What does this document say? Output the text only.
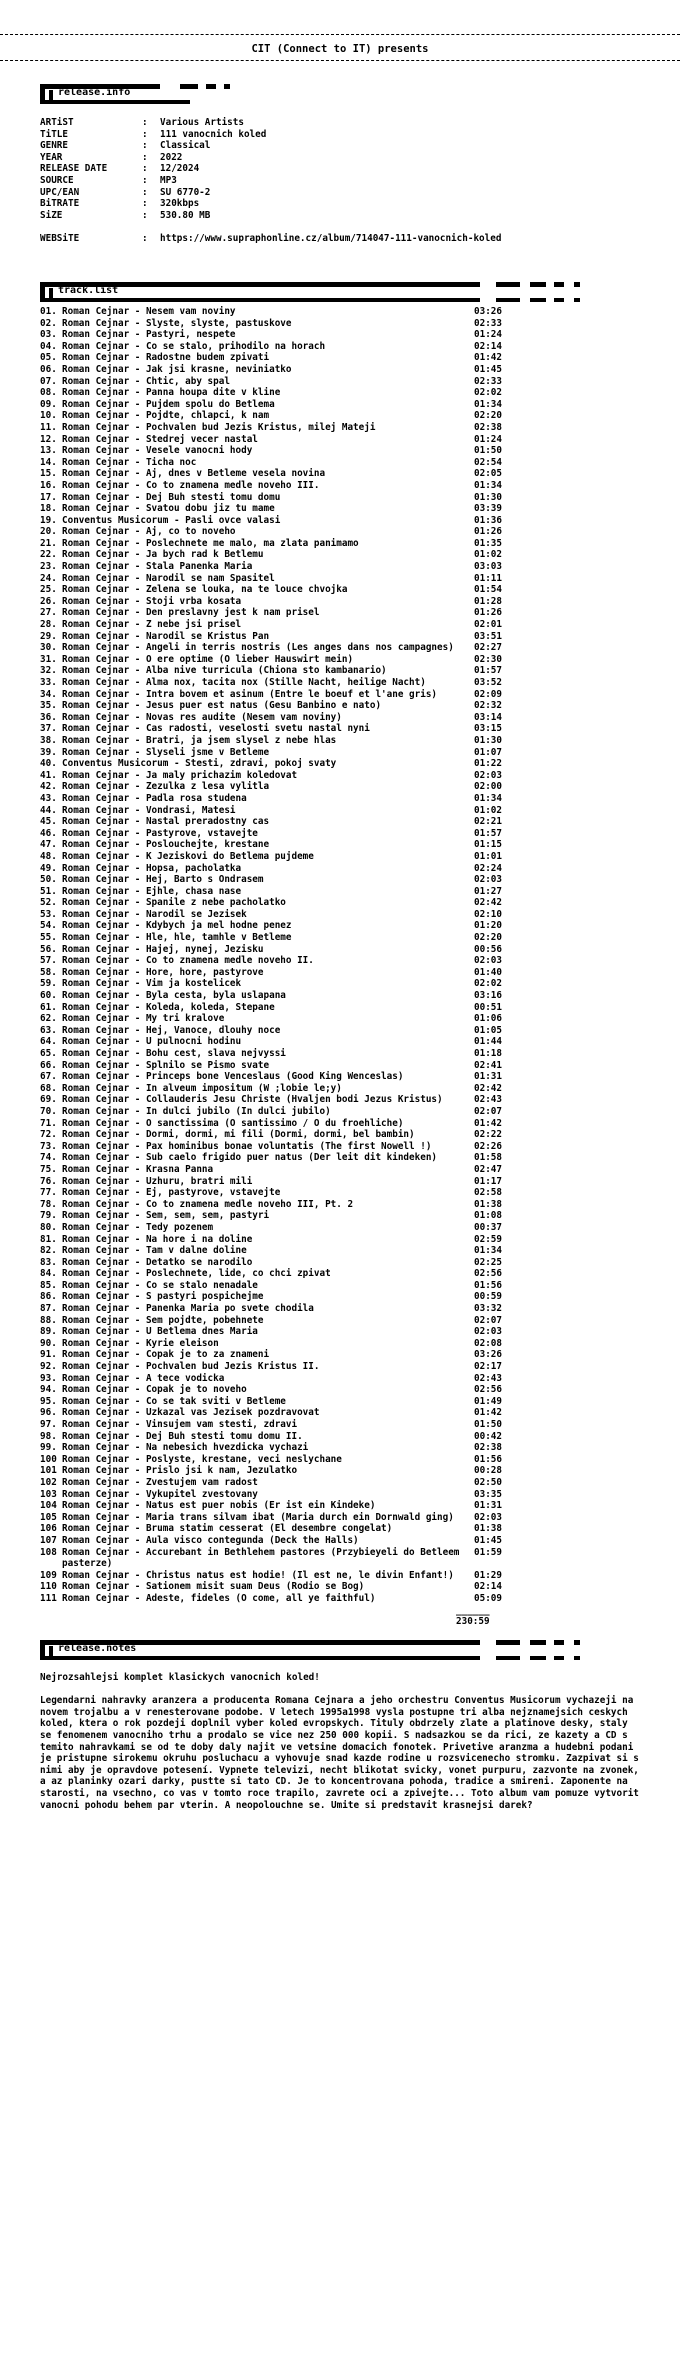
CIT (Connect to IT) presents
release.info
ARTiST	:	Various Artists
TiTLE	:	111 vanocnich koled
GENRE	:	Classical
YEAR	:	2022
RELEASE DATE	:	12/2024
SOURCE	:	MP3
UPC/EAN	:	SU 6770-2
BiTRATE	:	320kbps
SiZE	:	530.80 MB
WEBSiTE	:	https://www.supraphonline.cz/album/714047-111-vanocnich-koled
track.list
01. Roman Cejnar - Nesem vam noviny	03:26
02. Roman Cejnar - Slyste, slyste, pastuskove	02:33
03. Roman Cejnar - Pastyri, nespete	01:24
04. Roman Cejnar - Co se stalo, prihodilo na horach	02:14
05. Roman Cejnar - Radostne budem zpivati	01:42
06. Roman Cejnar - Jak jsi krasne, neviniatko	01:45
07. Roman Cejnar - Chtic, aby spal	02:33
08. Roman Cejnar - Panna houpa dite v kline	02:02
09. Roman Cejnar - Pujdem spolu do Betlema	01:34
10. Roman Cejnar - Pojdte, chlapci, k nam	02:20
11. Roman Cejnar - Pochvalen bud Jezis Kristus, milej Mateji	02:38
12. Roman Cejnar - Stedrej vecer nastal	01:24
13. Roman Cejnar - Vesele vanocni hody	01:50
14. Roman Cejnar - Ticha noc	02:54
15. Roman Cejnar - Aj, dnes v Betleme vesela novina	02:05
16. Roman Cejnar - Co to znamena medle noveho III.	01:34
17. Roman Cejnar - Dej Buh stesti tomu domu	01:30
18. Roman Cejnar - Svatou dobu jiz tu mame	03:39
19. Conventus Musicorum - Pasli ovce valasi	01:36
20. Roman Cejnar - Aj, co to noveho	01:26
21. Roman Cejnar - Poslechnete me malo, ma zlata panimamo	01:35
22. Roman Cejnar - Ja bych rad k Betlemu	01:02
23. Roman Cejnar - Stala Panenka Maria	03:03
24. Roman Cejnar - Narodil se nam Spasitel	01:11
25. Roman Cejnar - Zelena se louka, na te louce chvojka	01:54
26. Roman Cejnar - Stoji vrba kosata	01:28
27. Roman Cejnar - Den preslavny jest k nam prisel	01:26
28. Roman Cejnar - Z nebe jsi prisel	02:01
29. Roman Cejnar - Narodil se Kristus Pan	03:51
30. Roman Cejnar - Angeli in terris nostris (Les anges dans nos campagnes)	02:27
31. Roman Cejnar - O ere optime (O lieber Hauswirt mein)	02:30
32. Roman Cejnar - Alba nive turricula (Chiona sto kambanario)	01:57
33. Roman Cejnar - Alma nox, tacita nox (Stille Nacht, heilige Nacht)	03:52
34. Roman Cejnar - Intra bovem et asinum (Entre le boeuf et l'ane gris)	02:09
35. Roman Cejnar - Jesus puer est natus (Gesu Banbino e nato)	02:32
36. Roman Cejnar - Novas res audite (Nesem vam noviny)	03:14
37. Roman Cejnar - Cas radosti, veselosti svetu nastal nyni	03:15
38. Roman Cejnar - Bratri, ja jsem slysel z nebe hlas	01:30
39. Roman Cejnar - Slyseli jsme v Betleme	01:07
40. Conventus Musicorum - Stesti, zdravi, pokoj svaty	01:22
41. Roman Cejnar - Ja maly prichazim koledovat	02:03
42. Roman Cejnar - Zezulka z lesa vylitla	02:00
43. Roman Cejnar - Padla rosa studena	01:34
44. Roman Cejnar - Vondrasi, Matesi	01:02
45. Roman Cejnar - Nastal preradostny cas	02:21
46. Roman Cejnar - Pastyrove, vstavejte	01:57
47. Roman Cejnar - Poslouchejte, krestane	01:15
48. Roman Cejnar - K Jeziskovi do Betlema pujdeme	01:01
49. Roman Cejnar - Hopsa, pacholatka	02:24
50. Roman Cejnar - Hej, Barto s Ondrasem	02:03
51. Roman Cejnar - Ejhle, chasa nase	01:27
52. Roman Cejnar - Spanile z nebe pacholatko	02:42
53. Roman Cejnar - Narodil se Jezisek	02:10
54. Roman Cejnar - Kdybych ja mel hodne penez	01:20
55. Roman Cejnar - Hle, hle, tamhle v Betleme	02:20
56. Roman Cejnar - Hajej, nynej, Jezisku	00:56
57. Roman Cejnar - Co to znamena medle noveho II.	02:03
58. Roman Cejnar - Hore, hore, pastyrove	01:40
59. Roman Cejnar - Vim ja kostelicek	02:02
60. Roman Cejnar - Byla cesta, byla uslapana	03:16
61. Roman Cejnar - Koleda, koleda, Stepane	00:51
62. Roman Cejnar - My tri kralove	01:06
63. Roman Cejnar - Hej, Vanoce, dlouhy noce	01:05
64. Roman Cejnar - U pulnocni hodinu	01:44
65. Roman Cejnar - Bohu cest, slava nejvyssi	01:18
66. Roman Cejnar - Splnilo se Pismo svate	02:41
67. Roman Cejnar - Princeps bone Venceslaus (Good King Wenceslas)	01:31
68. Roman Cejnar - In alveum impositum (W ;lobie le;y)	02:42
69. Roman Cejnar - Collauderis Jesu Christe (Hvaljen bodi Jezus Kristus)	02:43
70. Roman Cejnar - In dulci jubilo (In dulci jubilo)	02:07
71. Roman Cejnar - O sanctissima (O santissimo / O du froehliche)	01:42
72. Roman Cejnar - Dormi, dormi, mi fili (Dormi, dormi, bel bambin)	02:22
73. Roman Cejnar - Pax hominibus bonae voluntatis (The first Nowell !)	02:26
74. Roman Cejnar - Sub caelo frigido puer natus (Der leit dit kindeken)	01:58
75. Roman Cejnar - Krasna Panna	02:47
76. Roman Cejnar - Uzhuru, bratri mili	01:17
77. Roman Cejnar - Ej, pastyrove, vstavejte	02:58
78. Roman Cejnar - Co to znamena medle noveho III, Pt. 2	01:38
79. Roman Cejnar - Sem, sem, sem, pastyri	01:08
80. Roman Cejnar - Tedy pozenem	00:37
81. Roman Cejnar - Na hore i na doline	02:59
82. Roman Cejnar - Tam v dalne doline	01:34
83. Roman Cejnar - Detatko se narodilo	02:25
84. Roman Cejnar - Poslechnete, lide, co chci zpivat	02:56
85. Roman Cejnar - Co se stalo nenadale	01:56
86. Roman Cejnar - S pastyri pospichejme	00:59
87. Roman Cejnar - Panenka Maria po svete chodila	03:32
88. Roman Cejnar - Sem pojdte, pobehnete	02:07
89. Roman Cejnar - U Betlema dnes Maria	02:03
90. Roman Cejnar - Kyrie eleison	02:08
91. Roman Cejnar - Copak je to za znameni	03:26
92. Roman Cejnar - Pochvalen bud Jezis Kristus II.	02:17
93. Roman Cejnar - A tece vodicka	02:43
94. Roman Cejnar - Copak je to noveho	02:56
95. Roman Cejnar - Co se tak sviti v Betleme	01:49
96. Roman Cejnar - Uzkazal vas Jezisek pozdravovat	01:42
97. Roman Cejnar - Vinsujem vam stesti, zdravi	01:50
98. Roman Cejnar - Dej Buh stesti tomu domu II.	00:42
99. Roman Cejnar - Na nebesich hvezdicka vychazi	02:38
100 Roman Cejnar - Poslyste, krestane, veci neslychane	01:56
101 Roman Cejnar - Prislo jsi k nam, Jezulatko	00:28
102 Roman Cejnar - Zvestujem vam radost	02:50
103 Roman Cejnar - Vykupitel zvestovany	03:35
104 Roman Cejnar - Natus est puer nobis (Er ist ein Kindeke)	01:31
105 Roman Cejnar - Maria trans silvam ibat (Maria durch ein Dornwald ging)	02:03
106 Roman Cejnar - Bruma statim cesserat (El desembre congelat)	01:38
107 Roman Cejnar - Aula visco contegunda (Deck the Halls)	01:45
108 Roman Cejnar - Accurebant in Bethlehem pastores (Przybieyeli do Betleem pasterze)
01:59
109 Roman Cejnar - Christus natus est hodie! (Il est ne, le divin Enfant!)	01:29
110 Roman Cejnar - Sationem misit suam Deus (Rodio se Bog)	02:14
111 Roman Cejnar - Adeste, fideles (O come, all ye faithful)	05:09
______
230:59
release.notes

Nejrozsahlejsi komplet klasickych vanocnich koled!

Legendarni nahravky aranzera a producenta Romana Cejnara a jeho orchestru Conventus Musicorum vychazeji na novem trojalbu a v renesterovane podobe. V letech 1995a1998 vysla postupne tri alba nejznamejsich ceskych koled, ktera o rok pozdeji doplnil vyber koled evropskych. Tituly obdrzely zlate a platinove desky, staly se fenomenem vanocniho trhu a prodalo se vice nez 250 000 kopii. S nadsazkou se da rici, ze kazety a CD s temito nahravkami se od te doby daly najit ve vetsine domacich fonotek. Privetive aranzma a hudebni podani je pristupne sirokemu okruhu posluchacu a vyhovuje snad kazde rodine u rozsvicenecho stromku. Zazpivat si s nimi aby je opravdove potesení. Vypnete televizi, necht blikotat svicky, vonet purpuru, zazvonte na zvonek, a az planinky ozari darky, pustte si tato CD. Je to koncentrovana pohoda, tradice a smireni. Zaponente na starosti, na vsechno, co vas v tomto roce trapilo, zavrete oci a zpivejte... Toto album vam pomuze vytvorit vanocni pohodu behem par vterin. A neopolouchne se. Umite si predstavit krasnejsi darek?
